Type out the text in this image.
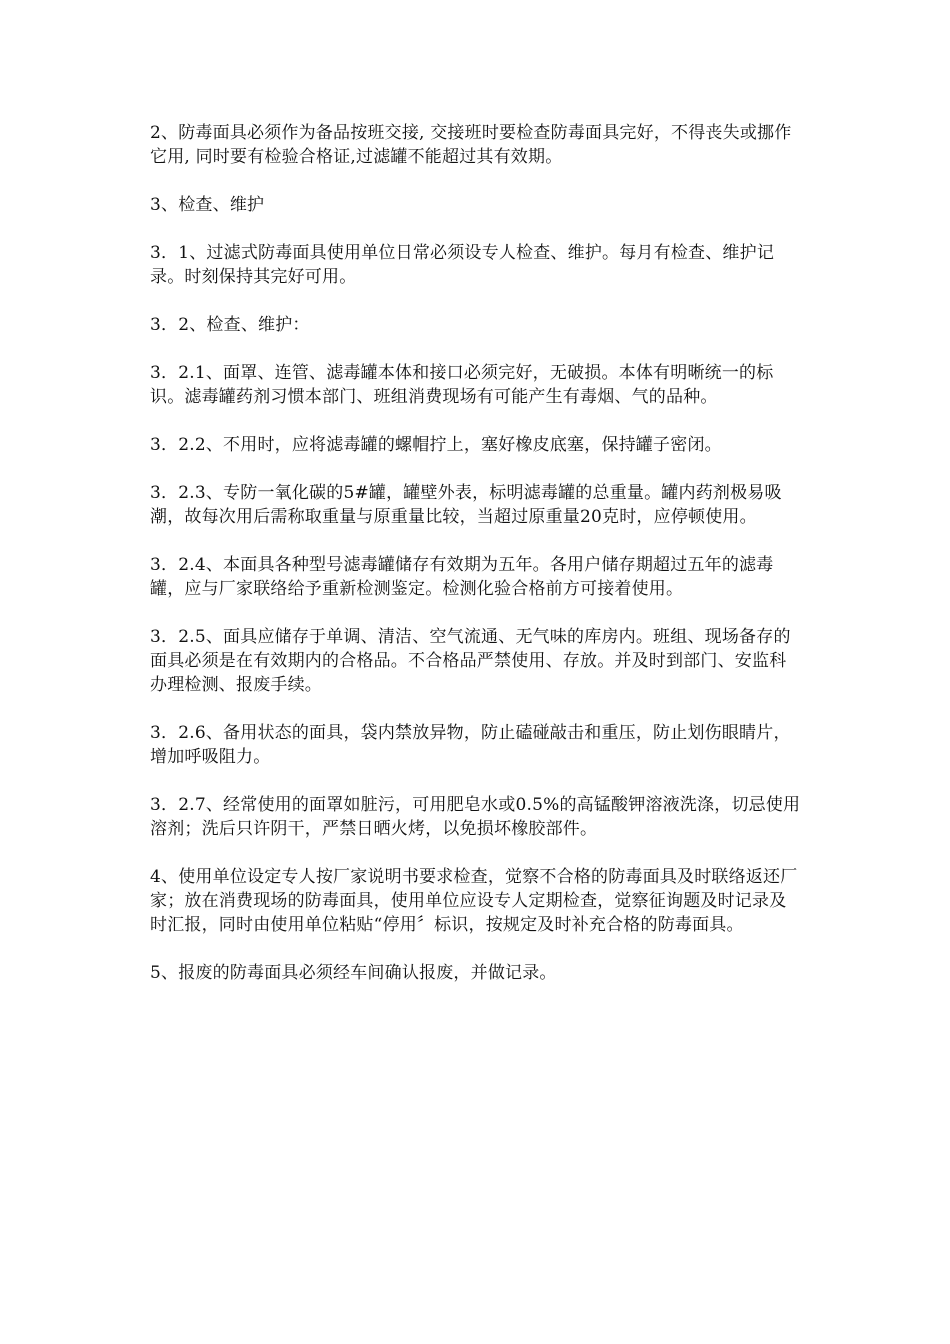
2、防毒面具必须作为备品按班交接, 交接班时要检查防毒面具完好，不得丧失或挪作它用, 同时要有检验合格证,过滤罐不能超过其有效期。

3、检查、维护

3．1、过滤式防毒面具使用单位日常必须设专人检查、维护。每月有检查、维护记录。时刻保持其完好可用。

3．2、检查、维护：

3．2.1、面罩、连管、滤毒罐本体和接口必须完好，无破损。本体有明晰统一的标识。滤毒罐药剂习惯本部门、班组消费现场有可能产生有毒烟、气的品种。

3．2.2、不用时，应将滤毒罐的螺帽拧上，塞好橡皮底塞，保持罐子密闭。

3．2.3、专防一氧化碳的5#罐，罐壁外表，标明滤毒罐的总重量。罐内药剂极易吸潮，故每次用后需称取重量与原重量比较，当超过原重量20克时，应停顿使用。

3．2.4、本面具各种型号滤毒罐储存有效期为五年。各用户储存期超过五年的滤毒罐，应与厂家联络给予重新检测鉴定。检测化验合格前方可接着使用。

3．2.5、面具应储存于单调、清洁、空气流通、无气味的库房内。班组、现场备存的面具必须是在有效期内的合格品。不合格品严禁使用、存放。并及时到部门、安监科办理检测、报废手续。

3．2.6、备用状态的面具，袋内禁放异物，防止磕碰敲击和重压，防止划伤眼睛片，增加呼吸阻力。

3．2.7、经常使用的面罩如脏污，可用肥皂水或0.5%的高锰酸钾溶液洗涤，切忌使用溶剂；洗后只许阴干，严禁日晒火烤，以免损坏橡胶部件。

4、使用单位设定专人按厂家说明书要求检查，觉察不合格的防毒面具及时联络返还厂家；放在消费现场的防毒面具，使用单位应设专人定期检查，觉察征询题及时记录及时汇报，同时由使用单位粘贴“停用〞标识，按规定及时补充合格的防毒面具。

5、报废的防毒面具必须经车间确认报废，并做记录。
